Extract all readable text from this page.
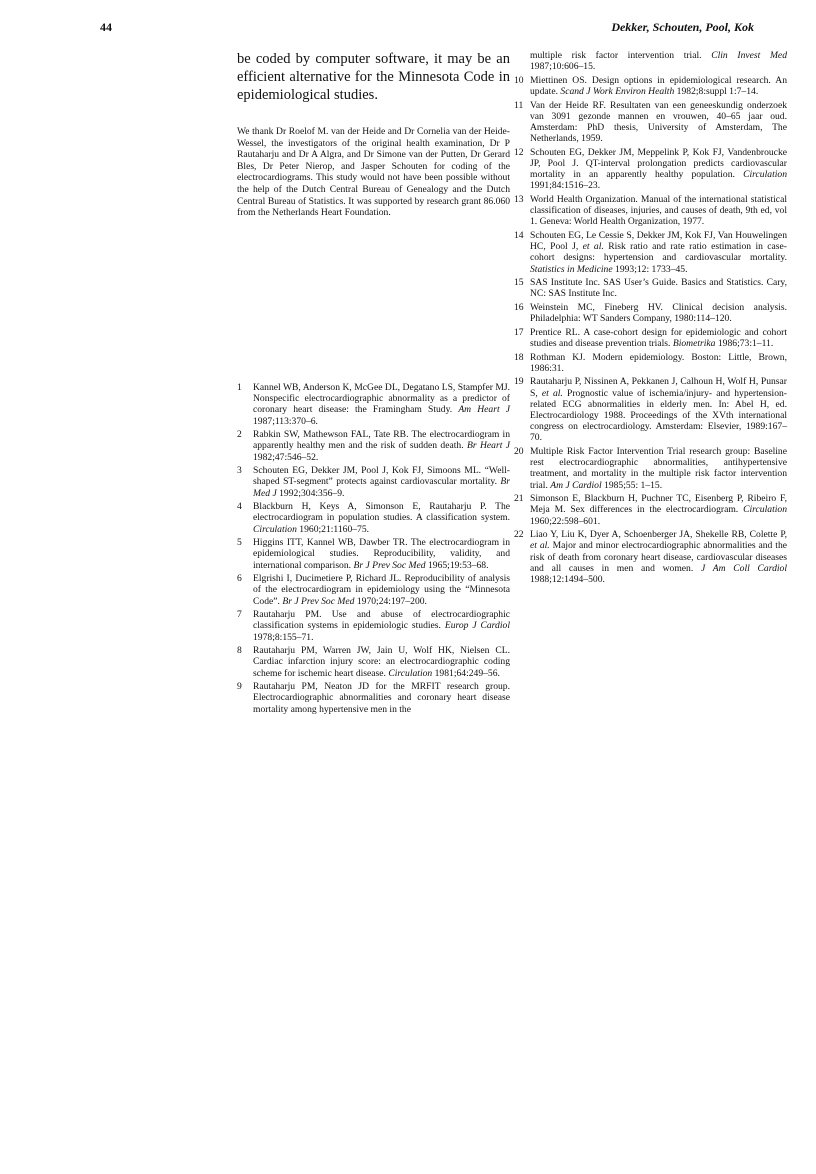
44	Dekker, Schouten, Pool, Kok

be coded by computer software, it may be an efficient alternative for the Minnesota Code in epidemiological studies.

We thank Dr Roelof M. van der Heide and Dr Cornelia van der Heide-Wessel, the investigators of the original health examination, Dr P Rautaharju and Dr A Algra, and Dr Simone van der Putten, Dr Gerard Bles, Dr Peter Nierop, and Jasper Schouten for coding of the electrocardiograms. This study would not have been possible without the help of the Dutch Central Bureau of Genealogy and the Dutch Central Bureau of Statistics. It was supported by research grant 86.060 from the Netherlands Heart Foundation.

1	Kannel WB, Anderson K, McGee DL, Degatano LS, Stampfer MJ. Nonspecific electrocardiographic abnormality as a predictor of coronary heart disease: the Framingham Study. Am Heart J 1987;113:370–6.
2	Rabkin SW, Mathewson FAL, Tate RB. The electrocardiogram in apparently healthy men and the risk of sudden death. Br Heart J 1982;47:546–52.
3	Schouten EG, Dekker JM, Pool J, Kok FJ, Simoons ML. “Well-shaped ST-segment” protects against cardiovascular mortality. Br Med J 1992;304:356–9.
4	Blackburn H, Keys A, Simonson E, Rautaharju P. The electrocardiogram in population studies. A classification system. Circulation 1960;21:1160–75.
5	Higgins ITT, Kannel WB, Dawber TR. The electrocardiogram in epidemiological studies. Reproducibility, validity, and international comparison. Br J Prev Soc Med 1965;19:53–68.
6	Elgrishi I, Ducimetiere P, Richard JL. Reproducibility of analysis of the electrocardiogram in epidemiology using the “Minnesota Code”. Br J Prev Soc Med 1970;24:197–200.
7	Rautaharju PM. Use and abuse of electrocardiographic classification systems in epidemiologic studies. Europ J Cardiol 1978;8:155–71.
8	Rautaharju PM, Warren JW, Jain U, Wolf HK, Nielsen CL. Cardiac infarction injury score: an electrocardiographic coding scheme for ischemic heart disease. Circulation 1981;64:249–56.
9	Rautaharju PM, Neaton JD for the MRFIT research group. Electrocardiographic abnormalities and coronary heart disease mortality among hypertensive men in the
multiple risk factor intervention trial. Clin Invest Med 1987;10:606–15.
10 Miettinen OS. Design options in epidemiological research. An update. Scand J Work Environ Health 1982;8:suppl 1:7–14.
11 Van der Heide RF. Resultaten van een geneeskundig onderzoek van 3091 gezonde mannen en vrouwen, 40–65 jaar oud. Amsterdam: PhD thesis, University of Amsterdam, The Netherlands, 1959.
12 Schouten EG, Dekker JM, Meppelink P, Kok FJ, Vandenbroucke JP, Pool J. QT-interval prolongation predicts cardiovascular mortality in an apparently healthy population. Circulation 1991;84:1516–23.
13 World Health Organization. Manual of the international statistical classification of diseases, injuries, and causes of death, 9th ed, vol 1. Geneva: World Health Organization, 1977.
14 Schouten EG, Le Cessie S, Dekker JM, Kok FJ, Van Houwelingen HC, Pool J, et al. Risk ratio and rate ratio estimation in case-cohort designs: hypertension and cardiovascular mortality. Statistics in Medicine 1993;12: 1733–45.
15 SAS Institute Inc. SAS User’s Guide. Basics and Statistics. Cary, NC: SAS Institute Inc.
16 Weinstein MC, Fineberg HV. Clinical decision analysis. Philadelphia: WT Sanders Company, 1980:114–120.
17 Prentice RL. A case-cohort design for epidemiologic and cohort studies and disease prevention trials. Biometrika 1986;73:1–11.
18 Rothman KJ. Modern epidemiology. Boston: Little, Brown, 1986:31.
19 Rautaharju P, Nissinen A, Pekkanen J, Calhoun H, Wolf H, Punsar S, et al. Prognostic value of ischemia/injury- and hypertension-related ECG abnormalities in elderly men. In: Abel H, ed. Electrocardiology 1988. Proceedings of the XVth international congress on electrocardiology. Amsterdam: Elsevier, 1989:167–70.
20 Multiple Risk Factor Intervention Trial research group: Baseline rest electrocardiographic abnormalities, antihypertensive treatment, and mortality in the multiple risk factor intervention trial. Am J Cardiol 1985;55: 1–15.
21 Simonson E, Blackburn H, Puchner TC, Eisenberg P, Ribeiro F, Meja M. Sex differences in the electrocardiogram. Circulation 1960;22:598–601.
22 Liao Y, Liu K, Dyer A, Schoenberger JA, Shekelle RB, Colette P, et al. Major and minor electrocardiographic abnormalities and the risk of death from coronary heart disease, cardiovascular diseases and all causes in men and women. J Am Coll Cardiol 1988;12:1494–500.
